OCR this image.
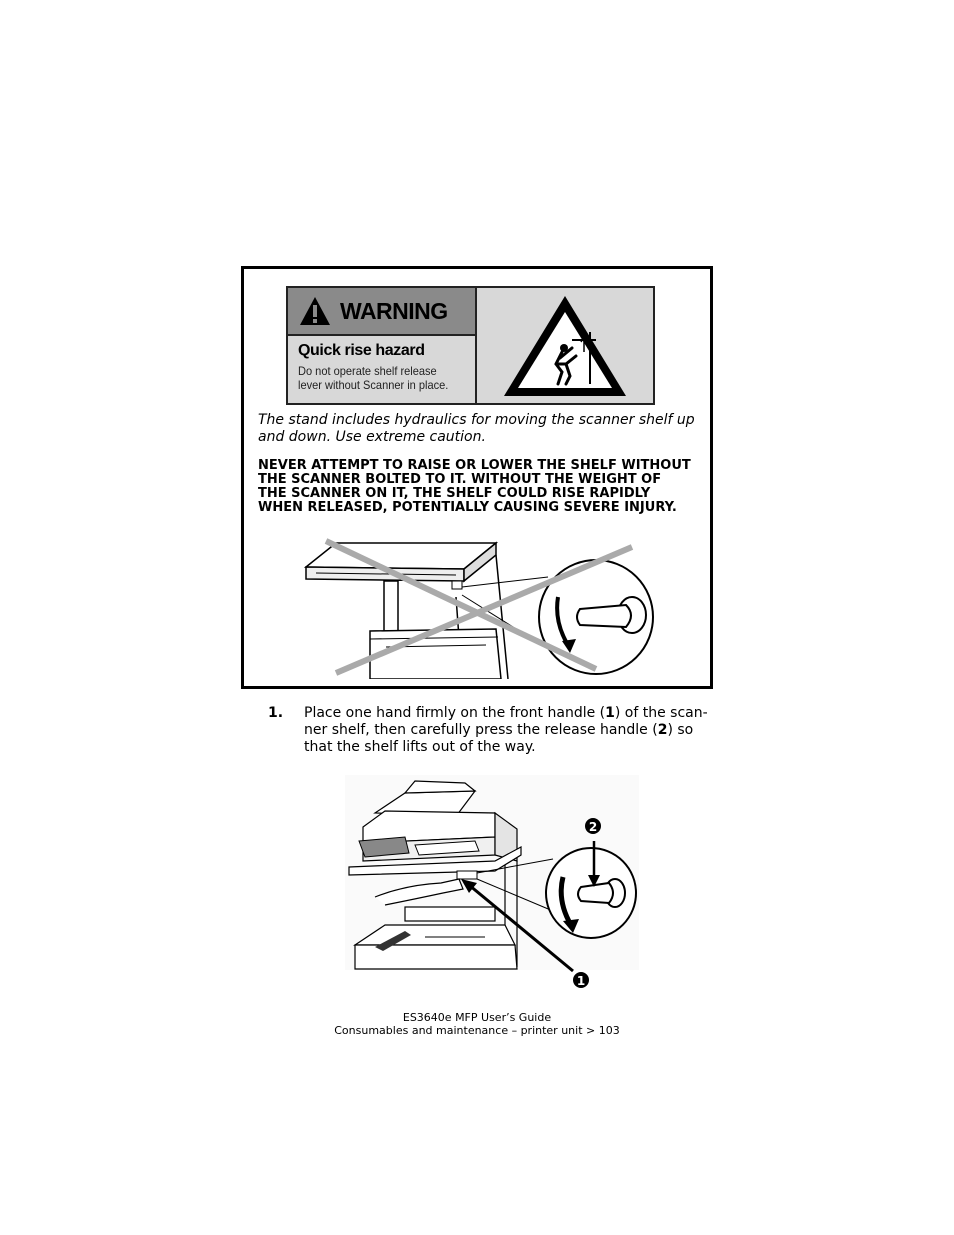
WARNING
Quick rise hazard
Do not operate shelf release
lever without Scanner in place.
The stand includes hydraulics for moving the scanner shelf up and down. Use extreme caution.
NEVER ATTEMPT TO RAISE OR LOWER THE SHELF WITHOUT
THE SCANNER BOLTED TO IT. WITHOUT THE WEIGHT OF
THE SCANNER ON IT, THE SHELF COULD RISE RAPIDLY
WHEN RELEASED, POTENTIALLY CAUSING SEVERE INJURY.
1. Place one hand firmly on the front handle (1) of the scan-
ner shelf, then carefully press the release handle (2) so
that the shelf lifts out of the way.
2
1
ES3640e MFP User’s Guide
Consumables and maintenance – printer unit > 103
